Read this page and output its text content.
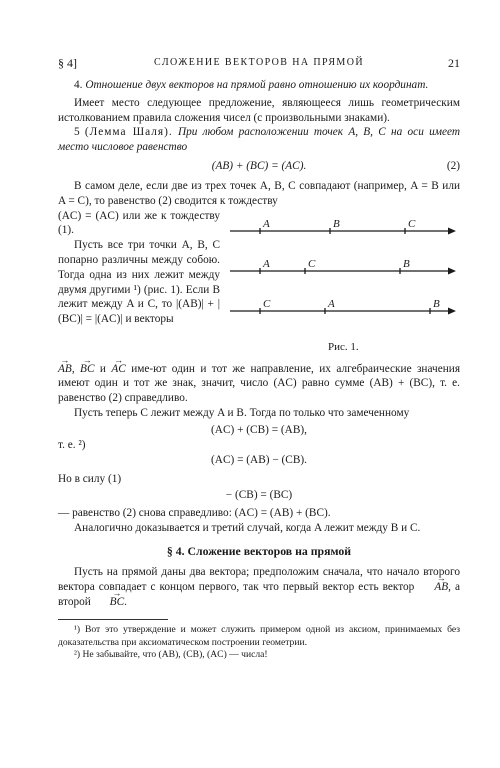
§ 4]	СЛОЖЕНИЕ ВЕКТОРОВ НА ПРЯМОЙ	21

4. Отношение двух векторов на прямой равно отношению их координат.

Имеет место следующее предложение, являющееся лишь геометрическим истолкованием правила сложения чисел (с произвольными знаками).

5 (Лемма Шаля). При любом расположении точек A, B, C на оси имеет место числовое равенство

(AB) + (BC) = (AC).	(2)

В самом деле, если две из трех точек A, B, C совпадают (например, A = B или A = C), то равенство (2) сводится к тождеству

(AC) = (AC) или же к тождеству (1).

Пусть все три точки A, B, C попарно различны между собою. Тогда одна из них лежит между двумя другими ¹) (рис. 1). Если B лежит между A и C, то |(AB)| + |(BC)| = |(AC)| и векторы

A	B	C
A	C	B
C	A	B
Рис. 1.

→ AB, → BC и → AC име-ют один и тот же направление, их алгебраические значения имеют один и тот же знак, значит, число (AC) равно сумме (AB) + (BC), т. е. равенство (2) справедливо.

Пусть теперь C лежит между A и B. Тогда по только что замеченному

(AC) + (CB) = (AB),

т. е. ²)

(AC) = (AB) − (CB).

Но в силу (1)

− (CB) = (BC)

— равенство (2) снова справедливо: (AC) = (AB) + (BC).

Аналогично доказывается и третий случай, когда A лежит между B и C.

§ 4. Сложение векторов на прямой

Пусть на прямой даны два вектора; предположим сначала, что начало второго вектора совпадает с концом первого, так что первый вектор есть вектор → AB, а второй → BC.

¹) Вот это утверждение и может служить примером одной из аксиом, принимаемых без доказательства при аксиоматическом построении геометрии.

²) Не забывайте, что (AB), (CB), (AC) — числа!
